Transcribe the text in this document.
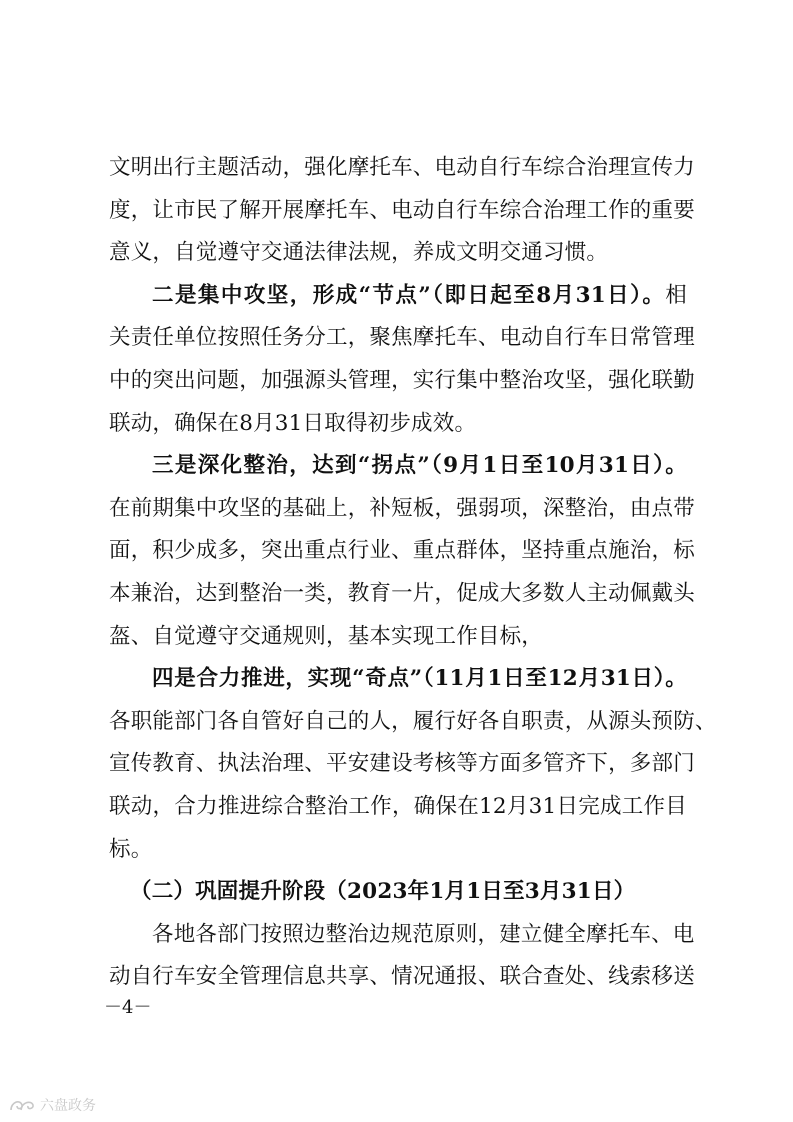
文明出行主题活动，强化摩托车、电动自行车综合治理宣传力
度，让市民了解开展摩托车、电动自行车综合治理工作的重要
意义，自觉遵守交通法律法规，养成文明交通习惯。
二是集中攻坚，形成“节点”（即日起至8月31日）。相
关责任单位按照任务分工，聚焦摩托车、电动自行车日常管理
中的突出问题，加强源头管理，实行集中整治攻坚，强化联勤
联动，确保在8月31日取得初步成效。
三是深化整治，达到“拐点”（9月1日至10月31日）。
在前期集中攻坚的基础上，补短板，强弱项，深整治，由点带
面，积少成多，突出重点行业、重点群体，坚持重点施治，标
本兼治，达到整治一类，教育一片，促成大多数人主动佩戴头
盔、自觉遵守交通规则，基本实现工作目标，
四是合力推进，实现“奇点”（11月1日至12月31日）。
各职能部门各自管好自己的人，履行好各自职责，从源头预防、
宣传教育、执法治理、平安建设考核等方面多管齐下，多部门
联动，合力推进综合整治工作，确保在12月31日完成工作目
标。
（二）巩固提升阶段（2023年1月1日至3月31日）
各地各部门按照边整治边规范原则，建立健全摩托车、电
动自行车安全管理信息共享、情况通报、联合查处、线索移送
－4－
六盘政务
